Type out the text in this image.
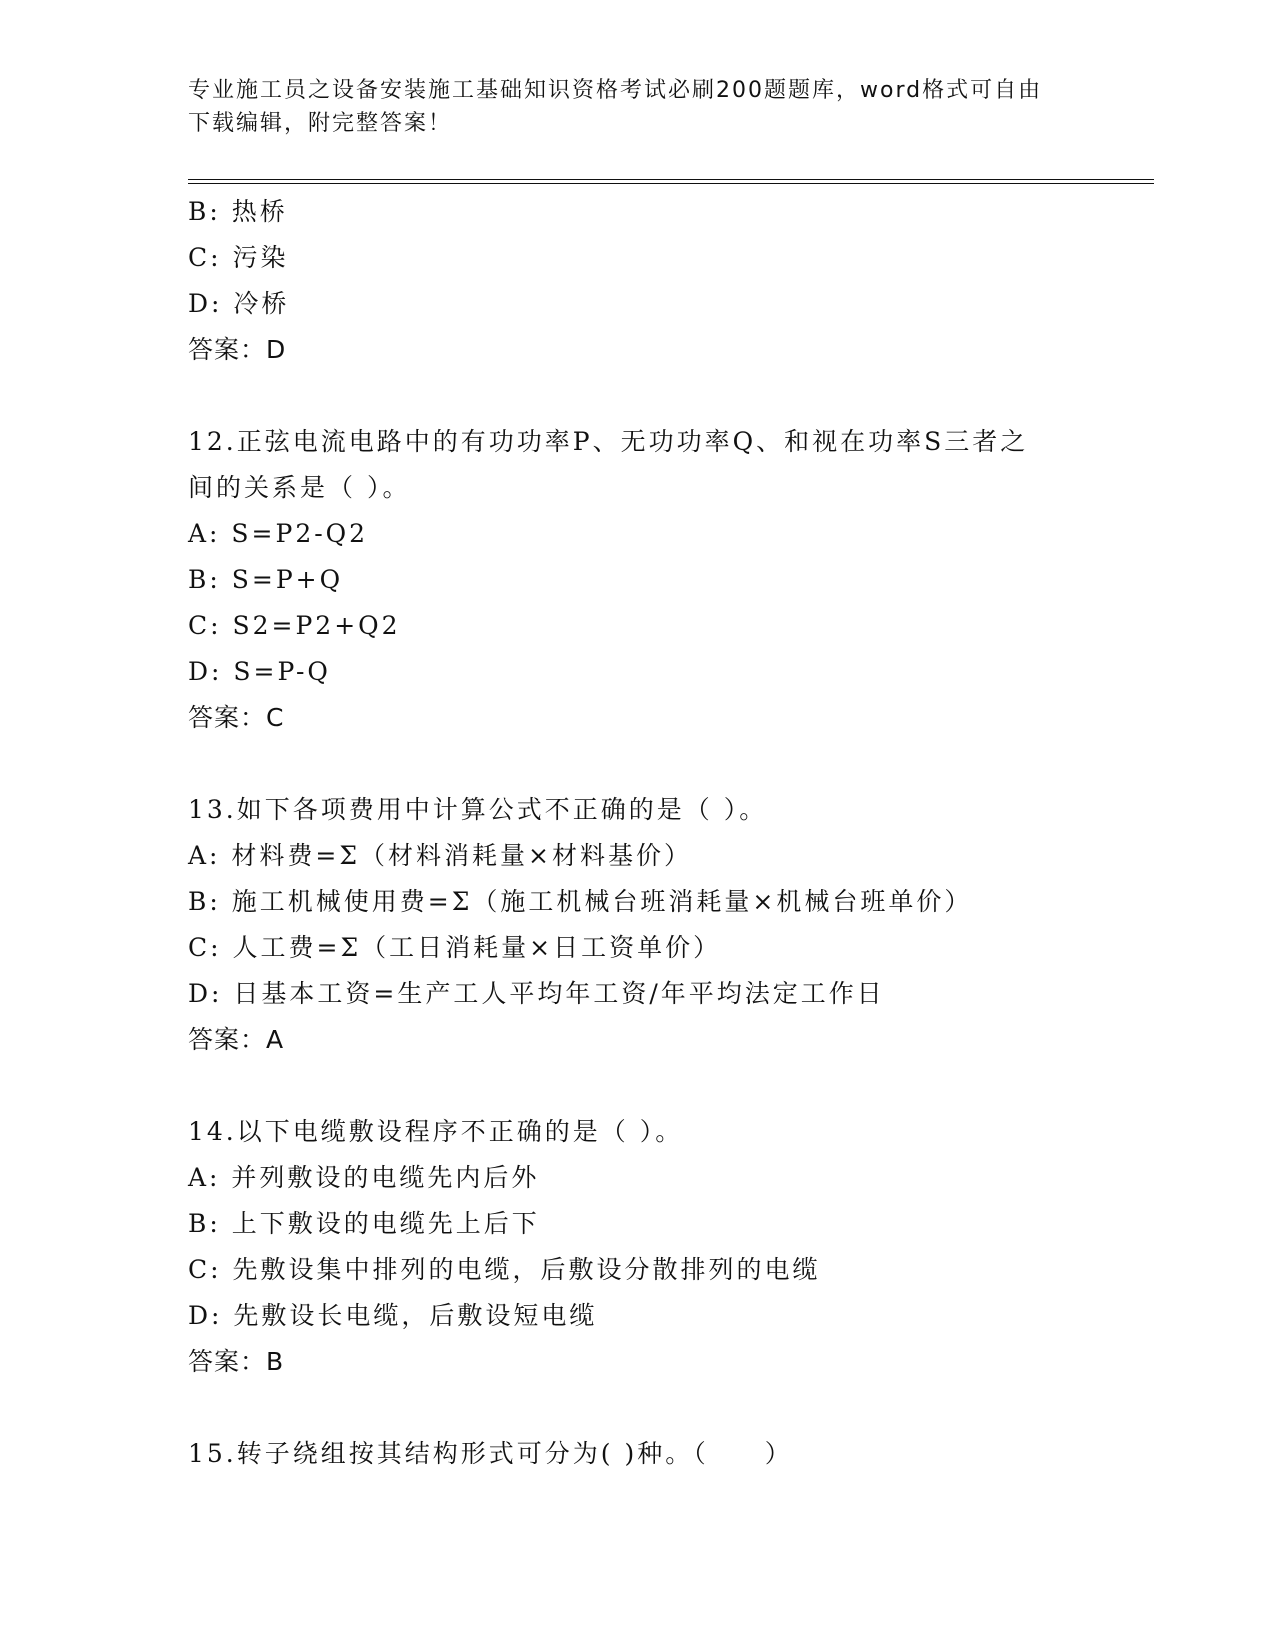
专业施工员之设备安装施工基础知识资格考试必刷200题题库，word格式可自由
下载编辑，附完整答案！
B: 热桥
C: 污染
D: 冷桥
答案：D
12.正弦电流电路中的有功功率P、无功功率Q、和视在功率S三者之
间的关系是（ ）。
A: S=P2-Q2
B: S=P+Q
C: S2=P2+Q2
D: S=P-Q
答案：C
13.如下各项费用中计算公式不正确的是（ ）。
A: 材料费=Σ（材料消耗量×材料基价）
B: 施工机械使用费=Σ（施工机械台班消耗量×机械台班单价）
C: 人工费=Σ（工日消耗量×日工资单价）
D: 日基本工资=生产工人平均年工资/年平均法定工作日
答案：A
14.以下电缆敷设程序不正确的是（ ）。
A: 并列敷设的电缆先内后外
B: 上下敷设的电缆先上后下
C: 先敷设集中排列的电缆，后敷设分散排列的电缆
D: 先敷设长电缆，后敷设短电缆
答案：B
15.转子绕组按其结构形式可分为( )种。（　　）
